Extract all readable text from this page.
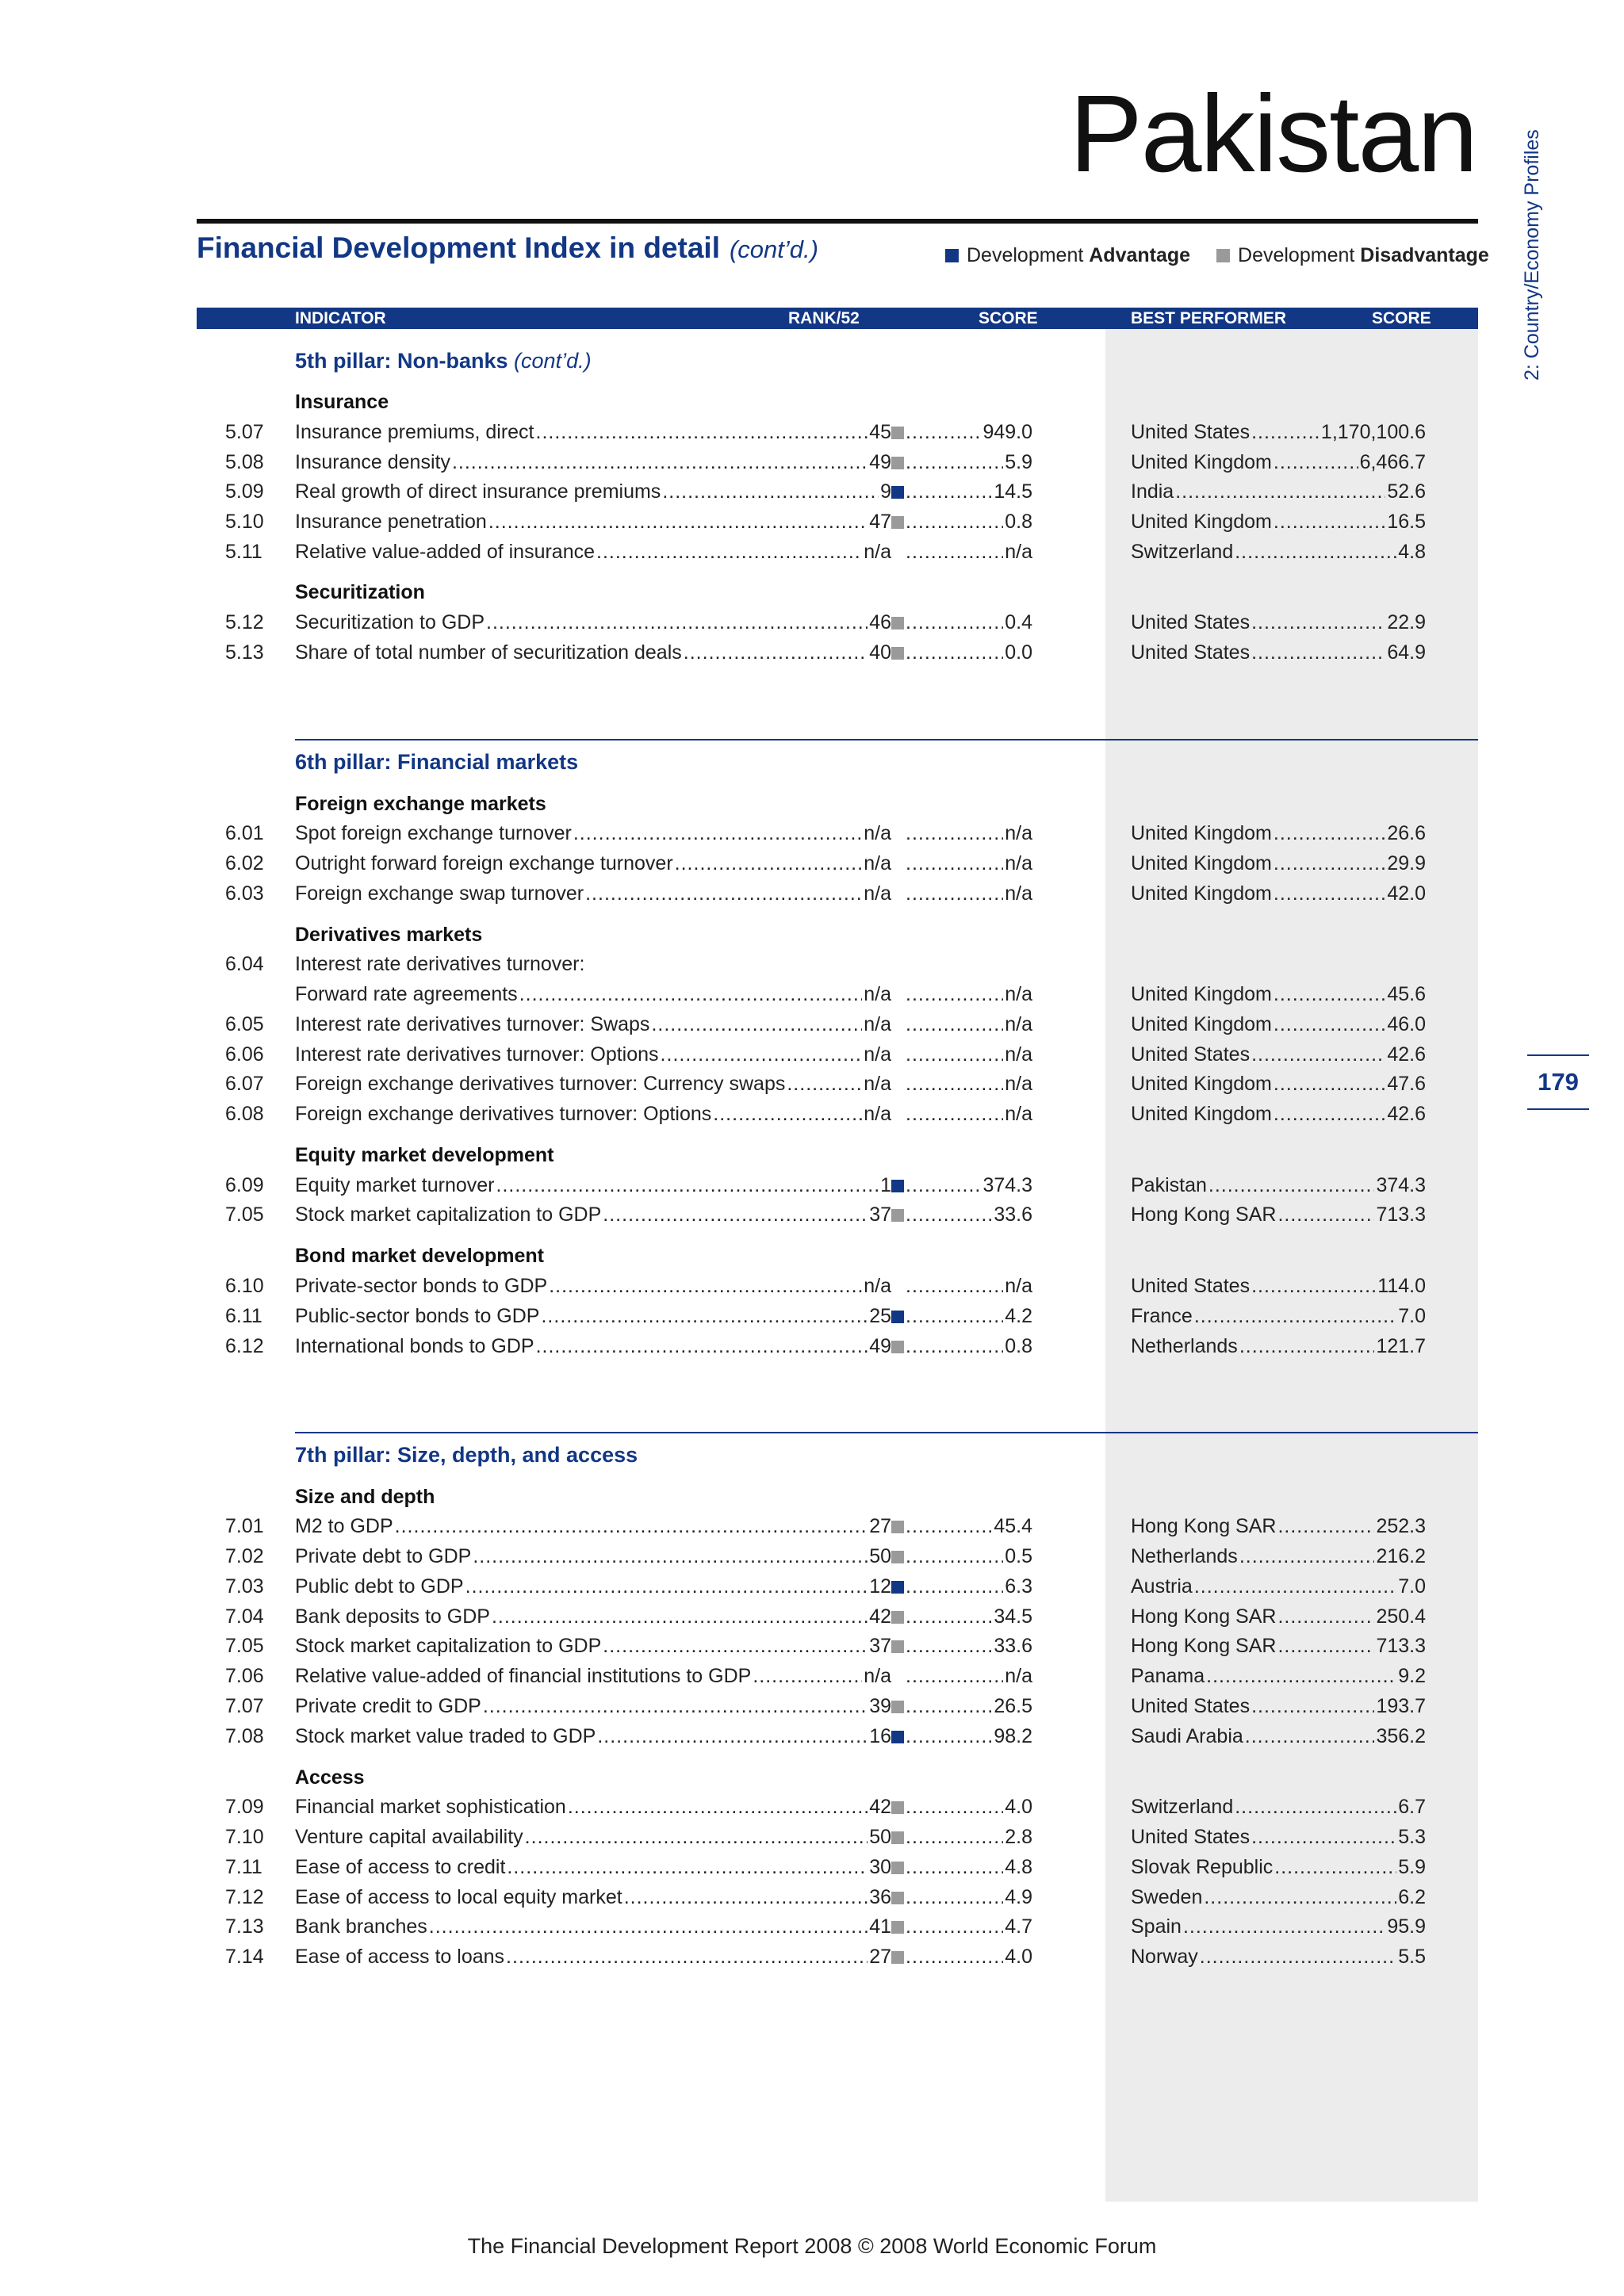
Pakistan 2: Country/Economy Profiles
179
Financial Development Index in detail (cont’d.)	Development Advantage Development Disadvantage
INDICATOR	RANK/52	SCORE	BEST PERFORMER	SCORE
5th pillar: Non-banks (cont’d.)
Insurance
5.07 Insurance premiums, direct .....	45 .....	949.0	United States .....	1,170,100.6
5.08 Insurance density .....	49 .....	5.9	United Kingdom .....	6,466.7
5.09 Real growth of direct insurance premiums .....	9 .....	14.5	India .....	52.6
5.10 Insurance penetration .....	47 .....	0.8	United Kingdom .....	16.5
5.11 Relative value-added of insurance .....	n/a .....	n/a	Switzerland .....	4.8
Securitization
5.12 Securitization to GDP .....	46 .....	0.4	United States .....	22.9
5.13 Share of total number of securitization deals .....	40 .....	0.0	United States .....	64.9
6th pillar: Financial markets
Foreign exchange markets
6.01 Spot foreign exchange turnover .....	n/a .....	n/a	United Kingdom .....	26.6
6.02 Outright forward foreign exchange turnover .....	n/a .....	n/a	United Kingdom .....	29.9
6.03 Foreign exchange swap turnover .....	n/a .....	n/a	United Kingdom .....	42.0
Derivatives markets
6.04 Interest rate derivatives turnover:
Forward rate agreements .....	n/a .....	n/a	United Kingdom .....	45.6
6.05 Interest rate derivatives turnover: Swaps .....	n/a .....	n/a	United Kingdom .....	46.0
6.06 Interest rate derivatives turnover: Options .....	n/a .....	n/a	United States .....	42.6
6.07 Foreign exchange derivatives turnover: Currency swaps .....	n/a .....	n/a	United Kingdom .....	47.6
6.08 Foreign exchange derivatives turnover: Options .....	n/a .....	n/a	United Kingdom .....	42.6
Equity market development
6.09 Equity market turnover .....	1 .....	374.3	Pakistan .....	374.3
7.05 Stock market capitalization to GDP .....	37 .....	33.6	Hong Kong SAR .....	713.3
Bond market development
6.10 Private-sector bonds to GDP .....	n/a .....	n/a	United States .....	114.0
6.11 Public-sector bonds to GDP .....	25 .....	4.2	France .....	7.0
6.12 International bonds to GDP .....	49 .....	0.8	Netherlands .....	121.7
7th pillar: Size, depth, and access
Size and depth
7.01 M2 to GDP .....	27 .....	45.4	Hong Kong SAR .....	252.3
7.02 Private debt to GDP .....	50 .....	0.5	Netherlands .....	216.2
7.03 Public debt to GDP .....	12 .....	6.3	Austria .....	7.0
7.04 Bank deposits to GDP .....	42 .....	34.5	Hong Kong SAR .....	250.4
7.05 Stock market capitalization to GDP .....	37 .....	33.6	Hong Kong SAR .....	713.3
7.06 Relative value-added of financial institutions to GDP .....	n/a .....	n/a	Panama .....	9.2
7.07 Private credit to GDP .....	39 .....	26.5	United States .....	193.7
7.08 Stock market value traded to GDP .....	16 .....	98.2	Saudi Arabia .....	356.2
Access
7.09 Financial market sophistication .....	42 .....	4.0	Switzerland .....	6.7
7.10 Venture capital availability .....	50 .....	2.8	United States .....	5.3
7.11 Ease of access to credit .....	30 .....	4.8	Slovak Republic .....	5.9
7.12 Ease of access to local equity market .....	36 .....	4.9	Sweden .....	6.2
7.13 Bank branches .....	41 .....	4.7	Spain .....	95.9
7.14 Ease of access to loans .....	27 .....	4.0	Norway .....	5.5
The Financial Development Report 2008 © 2008 World Economic Forum
